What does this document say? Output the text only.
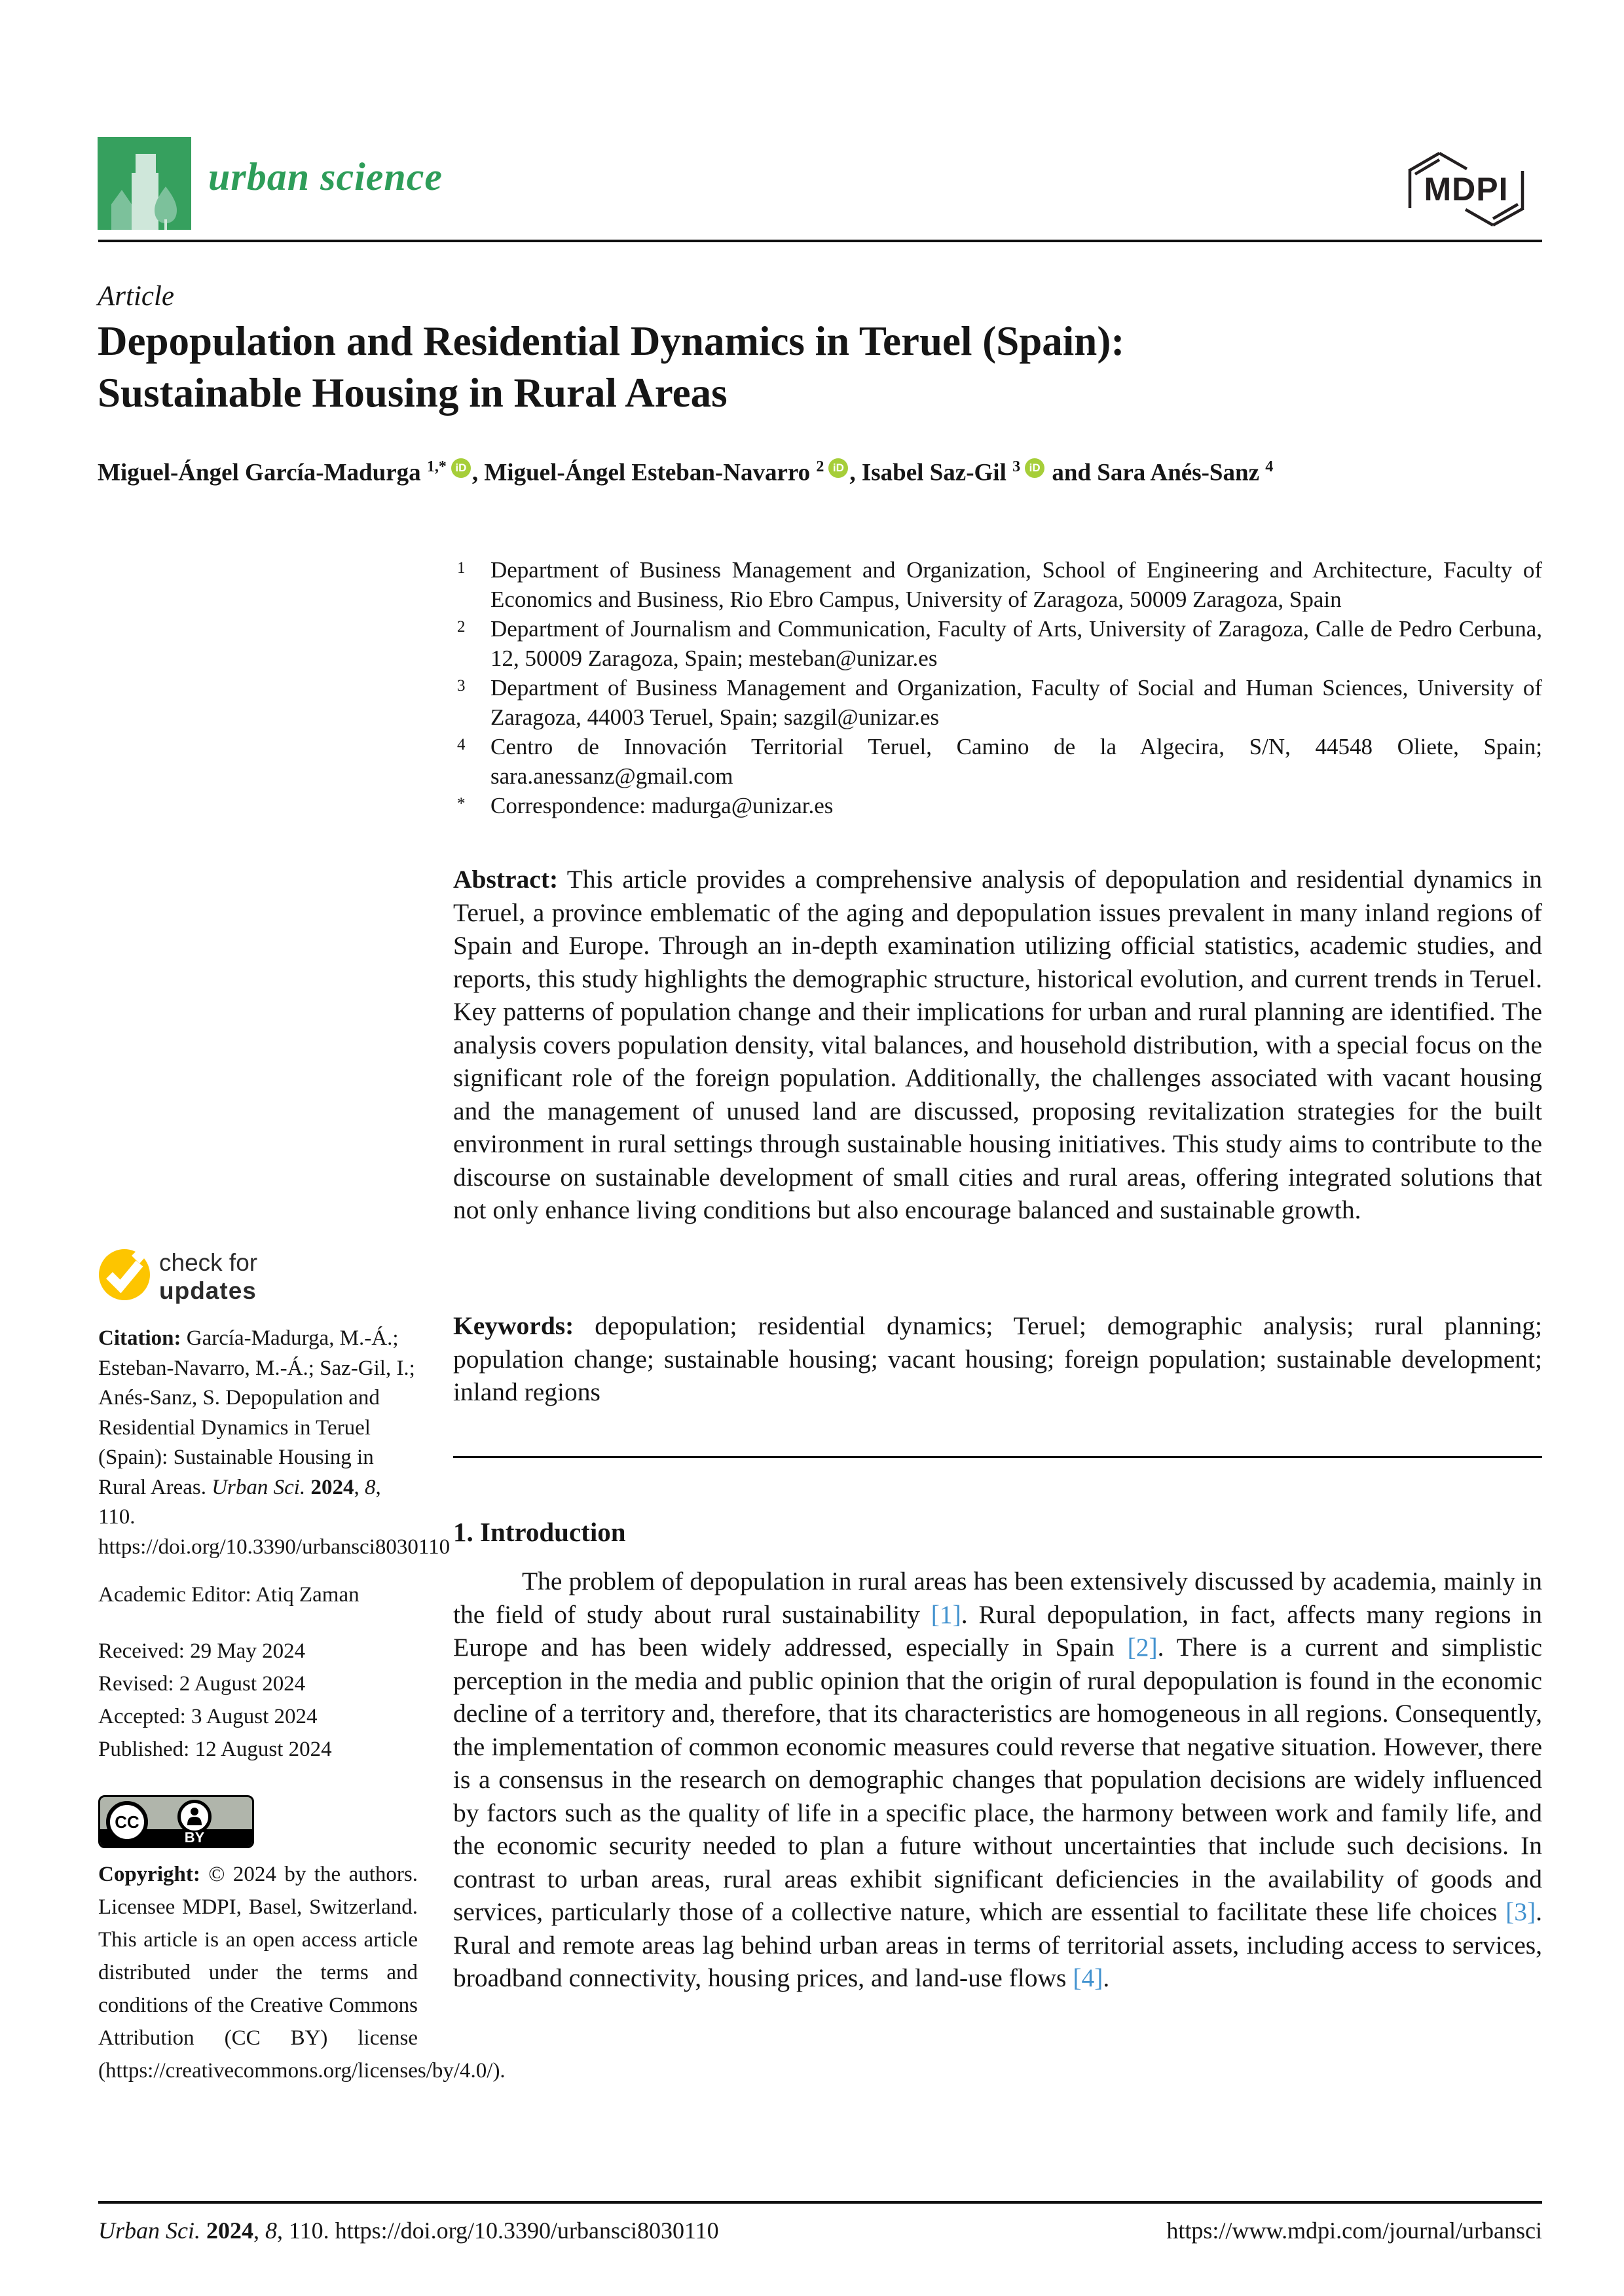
urban science	MDPI
Article
Depopulation and Residential Dynamics in Teruel (Spain):
Sustainable Housing in Rural Areas
Miguel-Ángel García-Madurga $^{1,*}$ iD , Miguel-Ángel Esteban-Navarro $^2$ iD , Isabel Saz-Gil $^3$ iD and Sara Anés-Sanz $^4$
1 Department of Business Management and Organization, School of Engineering and Architecture, Faculty of Economics and Business, Rio Ebro Campus, University of Zaragoza, 50009 Zaragoza, Spain
2 Department of Journalism and Communication, Faculty of Arts, University of Zaragoza, Calle de Pedro Cerbuna, 12, 50009 Zaragoza, Spain; mesteban@unizar.es
3 Department of Business Management and Organization, Faculty of Social and Human Sciences, University of Zaragoza, 44003 Teruel, Spain; sazgil@unizar.es
4 Centro de Innovación Territorial Teruel, Camino de la Algecira, S/N, 44548 Oliete, Spain; sara.anessanz@gmail.com
* Correspondence: madurga@unizar.es
Abstract: This article provides a comprehensive analysis of depopulation and residential dynamics in Teruel, a province emblematic of the aging and depopulation issues prevalent in many inland regions of Spain and Europe. Through an in-depth examination utilizing official statistics, academic studies, and reports, this study highlights the demographic structure, historical evolution, and current trends in Teruel. Key patterns of population change and their implications for urban and rural planning are identified. The analysis covers population density, vital balances, and household distribution, with a special focus on the significant role of the foreign population. Additionally, the challenges associated with vacant housing and the management of unused land are discussed, proposing revitalization strategies for the built environment in rural settings through sustainable housing initiatives. This study aims to contribute to the discourse on sustainable development of small cities and rural areas, offering integrated solutions that not only enhance living conditions but also encourage balanced and sustainable growth.
Keywords: depopulation; residential dynamics; Teruel; demographic analysis; rural planning; population change; sustainable housing; vacant housing; foreign population; sustainable development; inland regions
1. Introduction
The problem of depopulation in rural areas has been extensively discussed by academia, mainly in the field of study about rural sustainability [1]. Rural depopulation, in fact, affects many regions in Europe and has been widely addressed, especially in Spain [2]. There is a current and simplistic perception in the media and public opinion that the origin of rural depopulation is found in the economic decline of a territory and, therefore, that its characteristics are homogeneous in all regions. Consequently, the implementation of common economic measures could reverse that negative situation. However, there is a consensus in the research on demographic changes that population decisions are widely influenced by factors such as the quality of life in a specific place, the harmony between work and family life, and the economic security needed to plan a future without uncertainties that include such decisions. In contrast to urban areas, rural areas exhibit significant deficiencies in the availability of goods and services, particularly those of a collective nature, which are essential to facilitate these life choices [3]. Rural and remote areas lag behind urban areas in terms of territorial assets, including access to services, broadband connectivity, housing prices, and land-use flows [4].
check for
updates
Citation: García-Madurga, M.-Á.; Esteban-Navarro, M.-Á.; Saz-Gil, I.; Anés-Sanz, S. Depopulation and Residential Dynamics in Teruel (Spain): Sustainable Housing in Rural Areas. Urban Sci. 2024, 8, 110. https://doi.org/10.3390/urbansci8030110
Academic Editor: Atiq Zaman
Received: 29 May 2024
Revised: 2 August 2024
Accepted: 3 August 2024
Published: 12 August 2024
CC
BY
Copyright: © 2024 by the authors. Licensee MDPI, Basel, Switzerland. This article is an open access article distributed under the terms and conditions of the Creative Commons Attribution (CC BY) license (https://creativecommons.org/licenses/by/4.0/).
Urban Sci. 2024, 8, 110. https://doi.org/10.3390/urbansci8030110	https://www.mdpi.com/journal/urbansci
